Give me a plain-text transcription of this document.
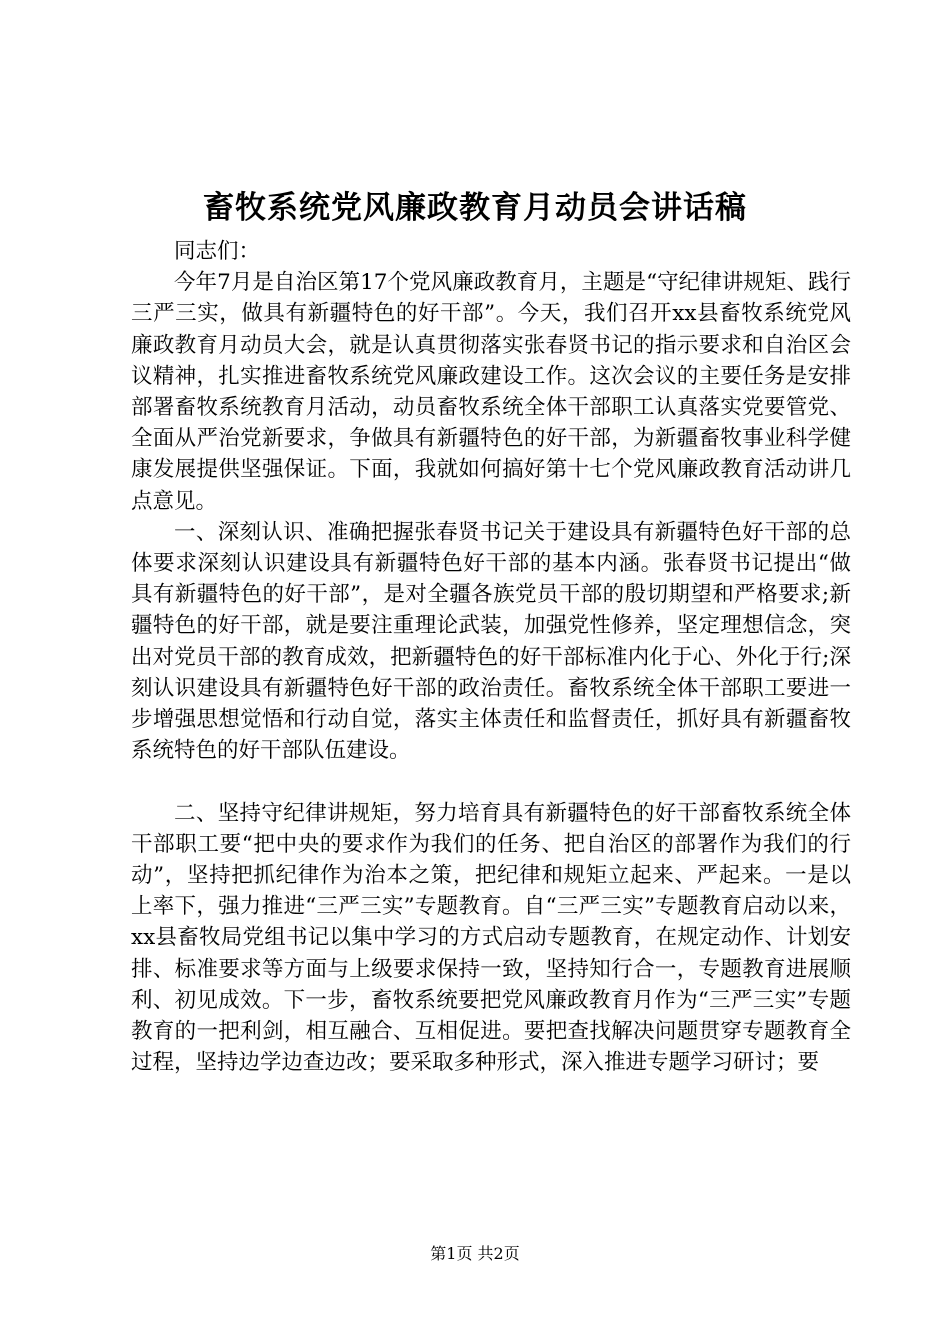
畜牧系统党风廉政教育月动员会讲话稿

同志们：

今年7月是自治区第17个党风廉政教育月，主题是“守纪律讲规矩、践行三严三实，做具有新疆特色的好干部”。今天，我们召开xx县畜牧系统党风廉政教育月动员大会，就是认真贯彻落实张春贤书记的指示要求和自治区会议精神，扎实推进畜牧系统党风廉政建设工作。这次会议的主要任务是安排部署畜牧系统教育月活动，动员畜牧系统全体干部职工认真落实党要管党、全面从严治党新要求，争做具有新疆特色的好干部，为新疆畜牧事业科学健康发展提供坚强保证。下面，我就如何搞好第十七个党风廉政教育活动讲几点意见。

一、深刻认识、准确把握张春贤书记关于建设具有新疆特色好干部的总体要求深刻认识建设具有新疆特色好干部的基本内涵。张春贤书记提出“做具有新疆特色的好干部”，是对全疆各族党员干部的殷切期望和严格要求;新疆特色的好干部，就是要注重理论武装，加强党性修养，坚定理想信念，突出对党员干部的教育成效，把新疆特色的好干部标准内化于心、外化于行;深刻认识建设具有新疆特色好干部的政治责任。畜牧系统全体干部职工要进一步增强思想觉悟和行动自觉，落实主体责任和监督责任，抓好具有新疆畜牧系统特色的好干部队伍建设。

二、坚持守纪律讲规矩，努力培育具有新疆特色的好干部畜牧系统全体干部职工要“把中央的要求作为我们的任务、把自治区的部署作为我们的行动”，坚持把抓纪律作为治本之策，把纪律和规矩立起来、严起来。一是以上率下，强力推进“三严三实”专题教育。自“三严三实”专题教育启动以来，xx县畜牧局党组书记以集中学习的方式启动专题教育，在规定动作、计划安排、标准要求等方面与上级要求保持一致，坚持知行合一，专题教育进展顺利、初见成效。下一步，畜牧系统要把党风廉政教育月作为“三严三实”专题教育的一把利剑，相互融合、互相促进。要把查找解决问题贯穿专题教育全过程，坚持边学边查边改；要采取多种形式，深入推进专题学习研讨；要

第1页 共2页
